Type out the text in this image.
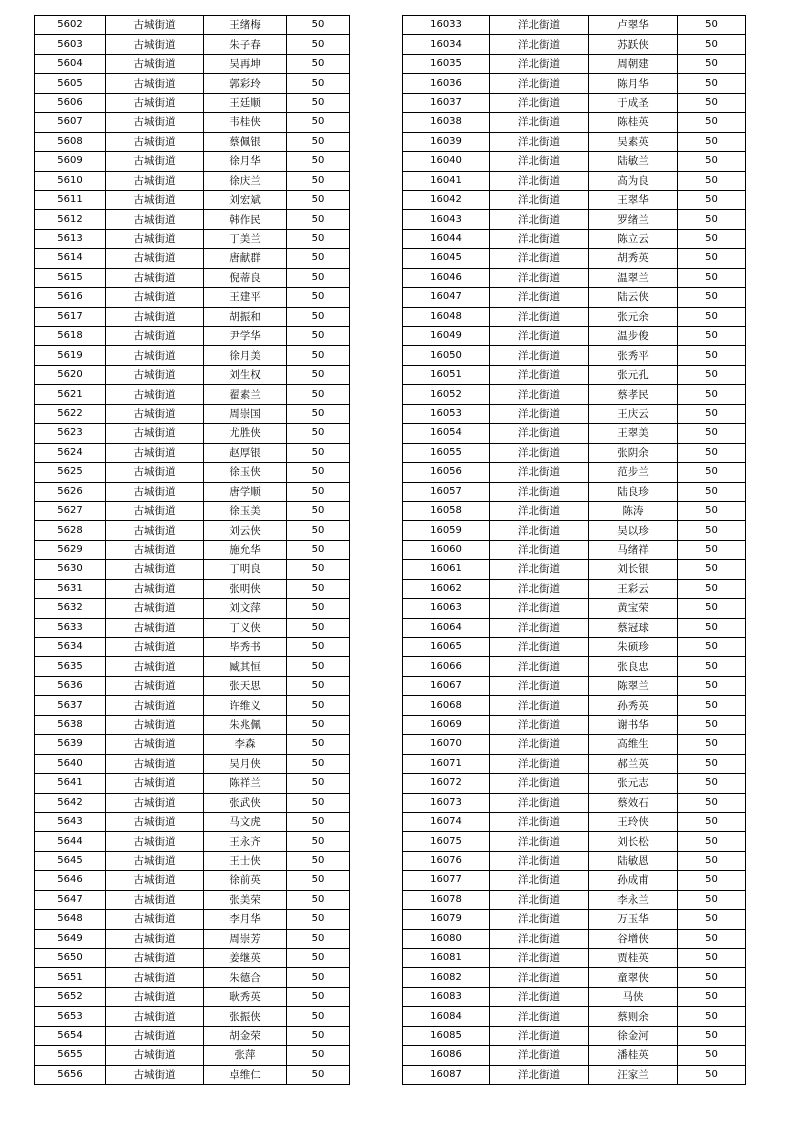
5602	古城街道	王绪梅	50
5603	古城街道	朱子春	50
5604	古城街道	吴再坤	50
5605	古城街道	郭彩玲	50
5606	古城街道	王廷顺	50
5607	古城街道	韦桂侠	50
5608	古城街道	蔡佩银	50
5609	古城街道	徐月华	50
5610	古城街道	徐庆兰	50
5611	古城街道	刘宏斌	50
5612	古城街道	韩作民	50
5613	古城街道	丁美兰	50
5614	古城街道	唐献群	50
5615	古城街道	倪蒂良	50
5616	古城街道	王建平	50
5617	古城街道	胡振和	50
5618	古城街道	尹学华	50
5619	古城街道	徐月美	50
5620	古城街道	刘生权	50
5621	古城街道	翟素兰	50
5622	古城街道	周崇国	50
5623	古城街道	尤胜侠	50
5624	古城街道	赵厚银	50
5625	古城街道	徐玉侠	50
5626	古城街道	唐学顺	50
5627	古城街道	徐玉美	50
5628	古城街道	刘云侠	50
5629	古城街道	施允华	50
5630	古城街道	丁明良	50
5631	古城街道	张明侠	50
5632	古城街道	刘文萍	50
5633	古城街道	丁义侠	50
5634	古城街道	毕秀书	50
5635	古城街道	臧其恒	50
5636	古城街道	张天思	50
5637	古城街道	许维义	50
5638	古城街道	朱兆佩	50
5639	古城街道	李森	50
5640	古城街道	吴月侠	50
5641	古城街道	陈祥兰	50
5642	古城街道	张武侠	50
5643	古城街道	马文虎	50
5644	古城街道	王永齐	50
5645	古城街道	王士侠	50
5646	古城街道	徐前英	50
5647	古城街道	张美荣	50
5648	古城街道	李月华	50
5649	古城街道	周崇芳	50
5650	古城街道	姜继英	50
5651	古城街道	朱德合	50
5652	古城街道	耿秀英	50
5653	古城街道	张振侠	50
5654	古城街道	胡金荣	50
5655	古城街道	张萍	50
5656	古城街道	卓维仁	50
16033	洋北街道	卢翠华	50
16034	洋北街道	苏跃侠	50
16035	洋北街道	周朝建	50
16036	洋北街道	陈月华	50
16037	洋北街道	于成圣	50
16038	洋北街道	陈桂英	50
16039	洋北街道	吴素英	50
16040	洋北街道	陆敏兰	50
16041	洋北街道	高为良	50
16042	洋北街道	王翠华	50
16043	洋北街道	罗绪兰	50
16044	洋北街道	陈立云	50
16045	洋北街道	胡秀英	50
16046	洋北街道	温翠兰	50
16047	洋北街道	陆云侠	50
16048	洋北街道	张元余	50
16049	洋北街道	温步俊	50
16050	洋北街道	张秀平	50
16051	洋北街道	张元孔	50
16052	洋北街道	蔡孝民	50
16053	洋北街道	王庆云	50
16054	洋北街道	王翠美	50
16055	洋北街道	张阴余	50
16056	洋北街道	范步兰	50
16057	洋北街道	陆良珍	50
16058	洋北街道	陈涛	50
16059	洋北街道	吴以珍	50
16060	洋北街道	马绪祥	50
16061	洋北街道	刘长银	50
16062	洋北街道	王彩云	50
16063	洋北街道	黄宝荣	50
16064	洋北街道	蔡冠球	50
16065	洋北街道	朱硕珍	50
16066	洋北街道	张良忠	50
16067	洋北街道	陈翠兰	50
16068	洋北街道	孙秀英	50
16069	洋北街道	谢书华	50
16070	洋北街道	高维生	50
16071	洋北街道	郝兰英	50
16072	洋北街道	张元志	50
16073	洋北街道	蔡效石	50
16074	洋北街道	王玲侠	50
16075	洋北街道	刘长松	50
16076	洋北街道	陆敏恩	50
16077	洋北街道	孙成甫	50
16078	洋北街道	李永兰	50
16079	洋北街道	万玉华	50
16080	洋北街道	谷增侠	50
16081	洋北街道	贾桂英	50
16082	洋北街道	童翠侠	50
16083	洋北街道	马侠	50
16084	洋北街道	蔡则余	50
16085	洋北街道	徐金河	50
16086	洋北街道	潘桂英	50
16087	洋北街道	汪家兰	50
